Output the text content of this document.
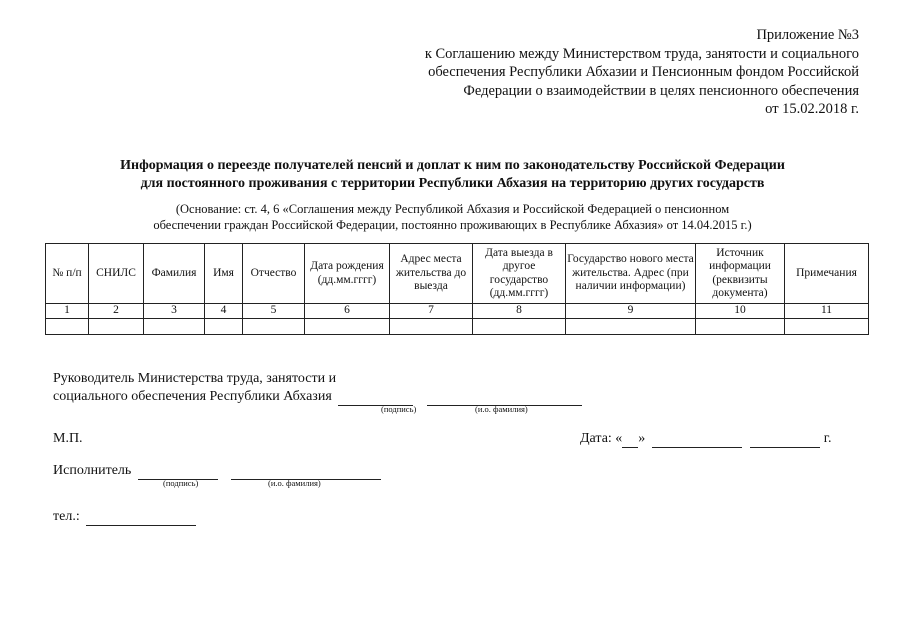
Приложение №3
к Соглашению между Министерством труда, занятости и социального
обеспечения Республики Абхазии и Пенсионным фондом Российской
Федерации о взаимодействии в целях пенсионного обеспечения
от 15.02.2018 г.
Информация о переезде получателей пенсий и доплат к ним по законодательству Российской Федерации
для постоянного проживания с территории Республики Абхазия на территорию других государств
(Основание: ст. 4, 6 «Соглашения между Республикой Абхазия и Российской Федерацией о пенсионном
обеспечении граждан Российской Федерации, постоянно проживающих в Республике Абхазия» от 14.04.2015 г.)
№ п/п	СНИЛС	Фамилия	Имя	Отчество	Дата рождения (дд.мм.гггг)	Адрес места жительства до выезда	Дата выезда в другое государство (дд.мм.гггг)	Государство нового места жительства. Адрес (при наличии информации)	Источник информации (реквизиты документа)	Примечания
1	2	3	4	5	6	7	8	9	10	11

Руководитель Министерства труда, занятости и
социального обеспечения Республики Абхазия
(подпись)	(и.о. фамилия)
М.П.	Дата: « »	г.
Исполнитель
(подпись)	(и.о. фамилия)
тел.:
